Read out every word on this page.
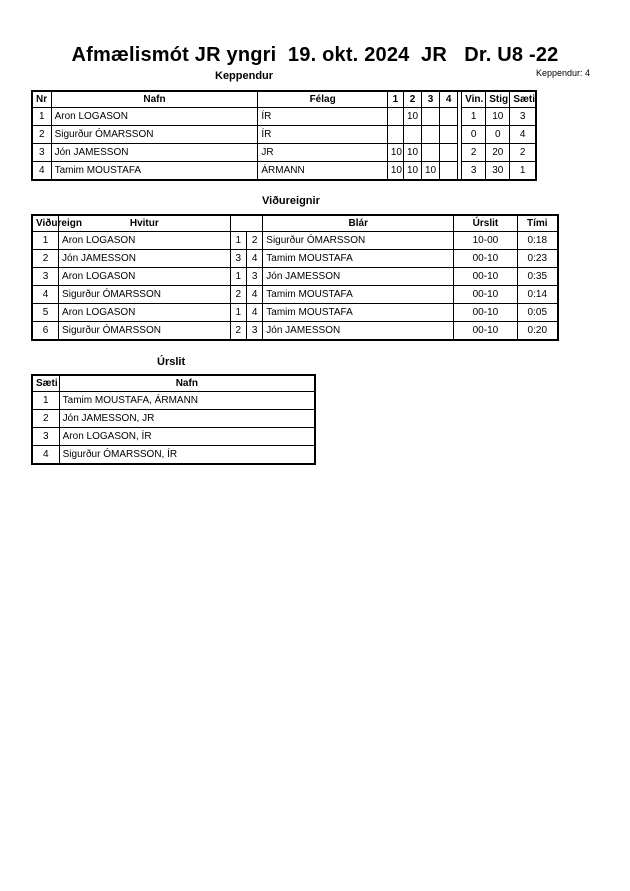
Afmælismót JR yngri  19. okt. 2024  JR   Dr. U8 -22
Keppendur: 4
Keppendur
Nr	Nafn	Félag	1	2	3	4		Vin.	Stig	Sæti
1	Aron LOGASON	ÍR		10				1	10	3
2	Sigurður ÓMARSSON	ÍR						0	0	4
3	Jón JAMESSON	JR	10	10				2	20	2
4	Tamim MOUSTAFA	ÁRMANN	10	10	10			3	30	1
Viðureignir
Viðureign	Hvitur			Blár	Úrslit	Tími
1	Aron LOGASON	1	2	Sigurður ÓMARSSON	10-00	0:18
2	Jón JAMESSON	3	4	Tamim MOUSTAFA	00-10	0:23
3	Aron LOGASON	1	3	Jón JAMESSON	00-10	0:35
4	Sigurður ÓMARSSON	2	4	Tamim MOUSTAFA	00-10	0:14
5	Aron LOGASON	1	4	Tamim MOUSTAFA	00-10	0:05
6	Sigurður ÓMARSSON	2	3	Jón JAMESSON	00-10	0:20
Úrslit
Sæti	Nafn
1	Tamim MOUSTAFA, ÁRMANN
2	Jón JAMESSON, JR
3	Aron LOGASON, ÍR
4	Sigurður ÓMARSSON, ÍR
